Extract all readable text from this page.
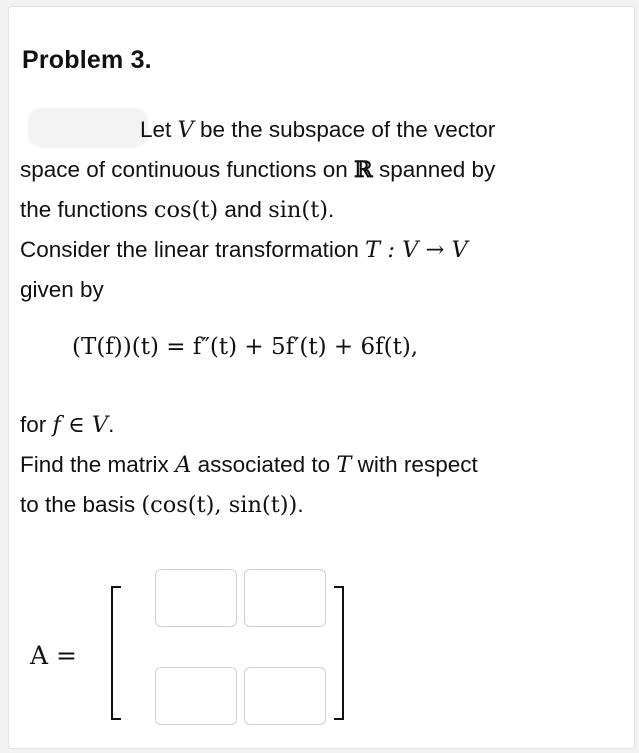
Problem 3.
Let V be the subspace of the vector
space of continuous functions on ℝ spanned by
the functions cos(t) and sin(t).
Consider the linear transformation T : V → V
given by
(T(f))(t) = f″(t) + 5f′(t) + 6f(t),
for f ∈ V.
Find the matrix A associated to T with respect
to the basis (cos(t), sin(t)).
A =
